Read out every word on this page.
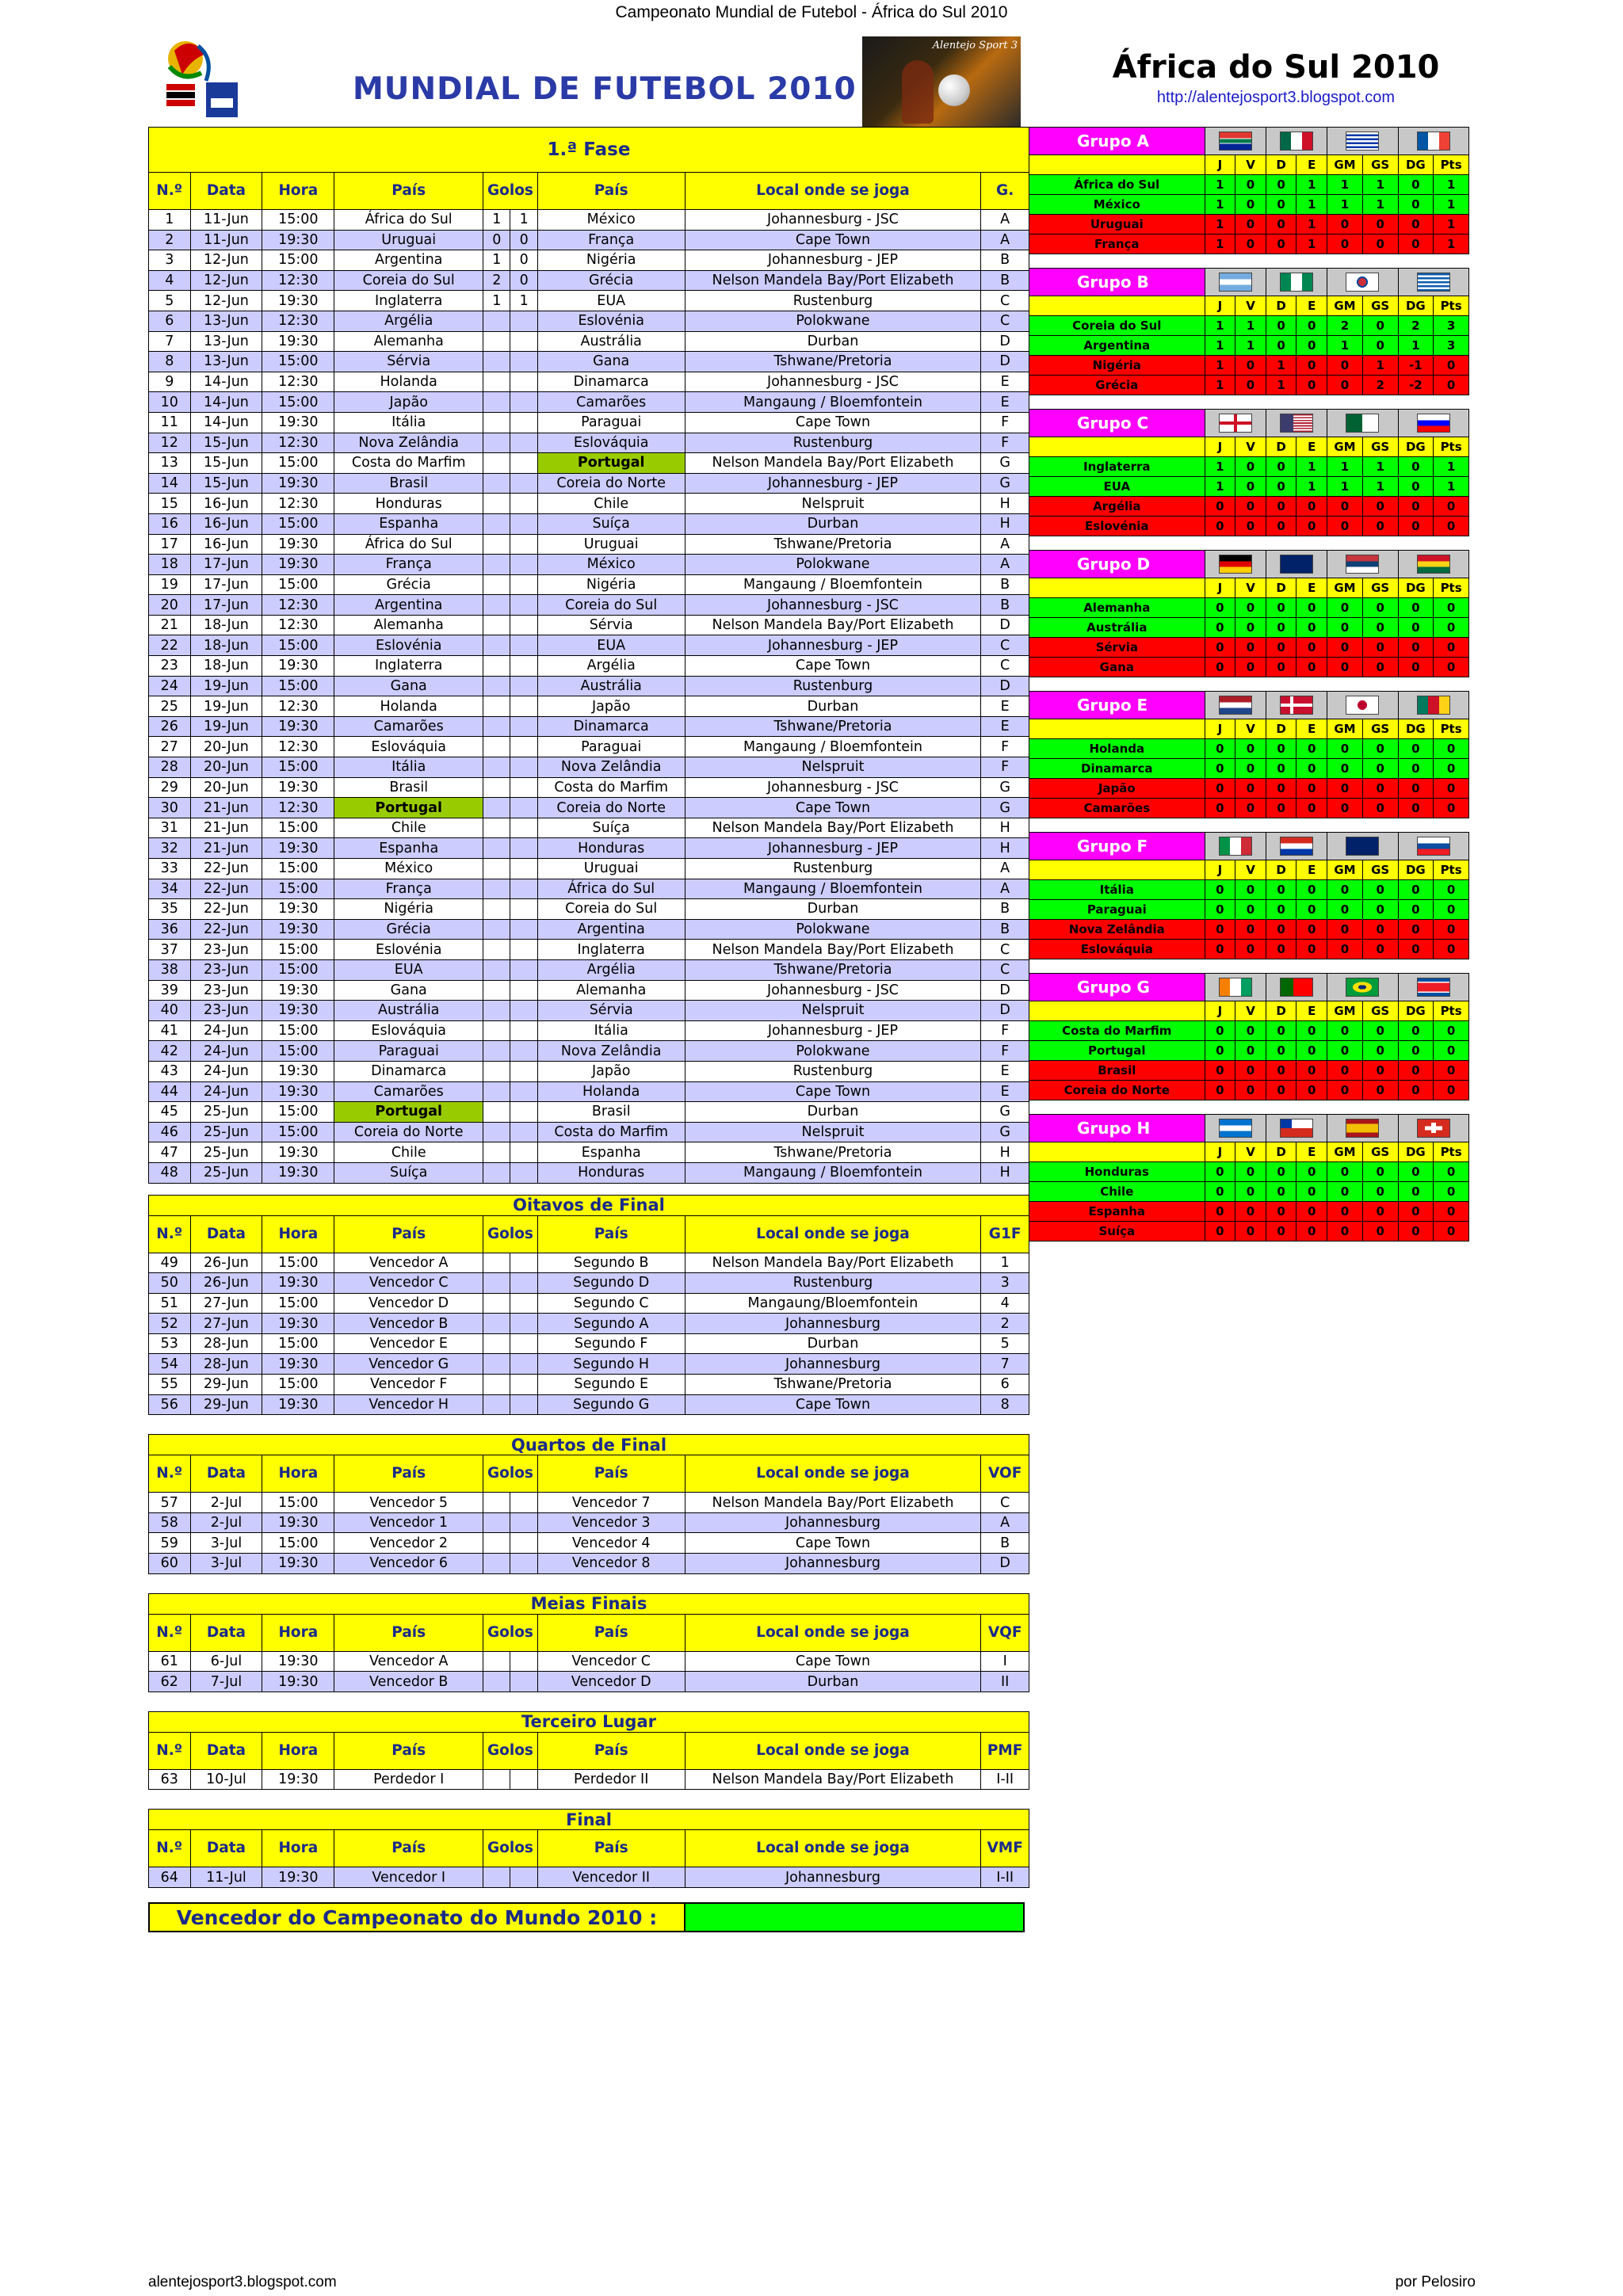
Campeonato Mundial de Futebol - África do Sul 2010
MUNDIAL DE FUTEBOL 2010
Alentejo Sport 3
África do Sul 2010
http://alentejosport3.blogspot.com
1.ª Fase								
N.º	Data	Hora	País	Golos		País	Local onde se joga	G.
1	11-Jun	15:00	África do Sul	1	1	México	Johannesburg - JSC	A
2	11-Jun	19:30	Uruguai	0	0	França	Cape Town	A
3	12-Jun	15:00	Argentina	1	0	Nigéria	Johannesburg - JEP	B
4	12-Jun	12:30	Coreia do Sul	2	0	Grécia	Nelson Mandela Bay/Port Elizabeth	B
5	12-Jun	19:30	Inglaterra	1	1	EUA	Rustenburg	C
6	13-Jun	12:30	Argélia			Eslovénia	Polokwane	C
7	13-Jun	19:30	Alemanha			Austrália	Durban	D
8	13-Jun	15:00	Sérvia			Gana	Tshwane/Pretoria	D
9	14-Jun	12:30	Holanda			Dinamarca	Johannesburg - JSC	E
10	14-Jun	15:00	Japão			Camarões	Mangaung / Bloemfontein	E
11	14-Jun	19:30	Itália			Paraguai	Cape Town	F
12	15-Jun	12:30	Nova Zelândia			Eslováquia	Rustenburg	F
13	15-Jun	15:00	Costa do Marfim			Portugal	Nelson Mandela Bay/Port Elizabeth	G
14	15-Jun	19:30	Brasil			Coreia do Norte	Johannesburg - JEP	G
15	16-Jun	12:30	Honduras			Chile	Nelspruit	H
16	16-Jun	15:00	Espanha			Suíça	Durban	H
17	16-Jun	19:30	África do Sul			Uruguai	Tshwane/Pretoria	A
18	17-Jun	19:30	França			México	Polokwane	A
19	17-Jun	15:00	Grécia			Nigéria	Mangaung / Bloemfontein	B
20	17-Jun	12:30	Argentina			Coreia do Sul	Johannesburg - JSC	B
21	18-Jun	12:30	Alemanha			Sérvia	Nelson Mandela Bay/Port Elizabeth	D
22	18-Jun	15:00	Eslovénia			EUA	Johannesburg - JEP	C
23	18-Jun	19:30	Inglaterra			Argélia	Cape Town	C
24	19-Jun	15:00	Gana			Austrália	Rustenburg	D
25	19-Jun	12:30	Holanda			Japão	Durban	E
26	19-Jun	19:30	Camarões			Dinamarca	Tshwane/Pretoria	E
27	20-Jun	12:30	Eslováquia			Paraguai	Mangaung / Bloemfontein	F
28	20-Jun	15:00	Itália			Nova Zelândia	Nelspruit	F
29	20-Jun	19:30	Brasil			Costa do Marfim	Johannesburg - JSC	G
30	21-Jun	12:30	Portugal			Coreia do Norte	Cape Town	G
31	21-Jun	15:00	Chile			Suíça	Nelson Mandela Bay/Port Elizabeth	H
32	21-Jun	19:30	Espanha			Honduras	Johannesburg - JEP	H
33	22-Jun	15:00	México			Uruguai	Rustenburg	A
34	22-Jun	15:00	França			África do Sul	Mangaung / Bloemfontein	A
35	22-Jun	19:30	Nigéria			Coreia do Sul	Durban	B
36	22-Jun	19:30	Grécia			Argentina	Polokwane	B
37	23-Jun	15:00	Eslovénia			Inglaterra	Nelson Mandela Bay/Port Elizabeth	C
38	23-Jun	15:00	EUA			Argélia	Tshwane/Pretoria	C
39	23-Jun	19:30	Gana			Alemanha	Johannesburg - JSC	D
40	23-Jun	19:30	Austrália			Sérvia	Nelspruit	D
41	24-Jun	15:00	Eslováquia			Itália	Johannesburg - JEP	F
42	24-Jun	15:00	Paraguai			Nova Zelândia	Polokwane	F
43	24-Jun	19:30	Dinamarca			Japão	Rustenburg	E
44	24-Jun	19:30	Camarões			Holanda	Cape Town	E
45	25-Jun	15:00	Portugal			Brasil	Durban	G
46	25-Jun	15:00	Coreia do Norte			Costa do Marfim	Nelspruit	G
47	25-Jun	19:30	Chile			Espanha	Tshwane/Pretoria	H
48	25-Jun	19:30	Suíça			Honduras	Mangaung / Bloemfontein	H

Oitavos de Final								
N.º	Data	Hora	País	Golos		País	Local onde se joga	G1F
49	26-Jun	15:00	Vencedor A			Segundo B	Nelson Mandela Bay/Port Elizabeth	1
50	26-Jun	19:30	Vencedor C			Segundo D	Rustenburg	3
51	27-Jun	15:00	Vencedor D			Segundo C	Mangaung/Bloemfontein	4
52	27-Jun	19:30	Vencedor B			Segundo A	Johannesburg	2
53	28-Jun	15:00	Vencedor E			Segundo F	Durban	5
54	28-Jun	19:30	Vencedor G			Segundo H	Johannesburg	7
55	29-Jun	15:00	Vencedor F			Segundo E	Tshwane/Pretoria	6
56	29-Jun	19:30	Vencedor H			Segundo G	Cape Town	8

Quartos de Final								
N.º	Data	Hora	País	Golos		País	Local onde se joga	VOF
57	2-Jul	15:00	Vencedor 5			Vencedor 7	Nelson Mandela Bay/Port Elizabeth	C
58	2-Jul	19:30	Vencedor 1			Vencedor 3	Johannesburg	A
59	3-Jul	15:00	Vencedor 2			Vencedor 4	Cape Town	B
60	3-Jul	19:30	Vencedor 6			Vencedor 8	Johannesburg	D

Meias Finais								
N.º	Data	Hora	País	Golos		País	Local onde se joga	VQF
61	6-Jul	19:30	Vencedor A			Vencedor C	Cape Town	I
62	7-Jul	19:30	Vencedor B			Vencedor D	Durban	II

Terceiro Lugar								
N.º	Data	Hora	País	Golos		País	Local onde se joga	PMF
63	10-Jul	19:30	Perdedor I			Perdedor II	Nelson Mandela Bay/Port Elizabeth	I-II

Final								
N.º	Data	Hora	País	Golos		País	Local onde se joga	VMF
64	11-Jul	19:30	Vencedor I			Vencedor II	Johannesburg	I-II
Vencedor do Campeonato do Mundo 2010 :	
Grupo A								
	J	V	D	E	GM	GS	DG	Pts
África do Sul	1	0	0	1	1	1	0	1
México	1	0	0	1	1	1	0	1
Uruguai	1	0	0	1	0	0	0	1
França	1	0	0	1	0	0	0	1
Grupo B								
	J	V	D	E	GM	GS	DG	Pts
Coreia do Sul	1	1	0	0	2	0	2	3
Argentina	1	1	0	0	1	0	1	3
Nigéria	1	0	1	0	0	1	-1	0
Grécia	1	0	1	0	0	2	-2	0
Grupo C								
	J	V	D	E	GM	GS	DG	Pts
Inglaterra	1	0	0	1	1	1	0	1
EUA	1	0	0	1	1	1	0	1
Argélia	0	0	0	0	0	0	0	0
Eslovénia	0	0	0	0	0	0	0	0
Grupo D								
	J	V	D	E	GM	GS	DG	Pts
Alemanha	0	0	0	0	0	0	0	0
Austrália	0	0	0	0	0	0	0	0
Sérvia	0	0	0	0	0	0	0	0
Gana	0	0	0	0	0	0	0	0
Grupo E								
	J	V	D	E	GM	GS	DG	Pts
Holanda	0	0	0	0	0	0	0	0
Dinamarca	0	0	0	0	0	0	0	0
Japão	0	0	0	0	0	0	0	0
Camarões	0	0	0	0	0	0	0	0
Grupo F								
	J	V	D	E	GM	GS	DG	Pts
Itália	0	0	0	0	0	0	0	0
Paraguai	0	0	0	0	0	0	0	0
Nova Zelândia	0	0	0	0	0	0	0	0
Eslováquia	0	0	0	0	0	0	0	0
Grupo G								
	J	V	D	E	GM	GS	DG	Pts
Costa do Marfim	0	0	0	0	0	0	0	0
Portugal	0	0	0	0	0	0	0	0
Brasil	0	0	0	0	0	0	0	0
Coreia do Norte	0	0	0	0	0	0	0	0
Grupo H								
	J	V	D	E	GM	GS	DG	Pts
Honduras	0	0	0	0	0	0	0	0
Chile	0	0	0	0	0	0	0	0
Espanha	0	0	0	0	0	0	0	0
Suíça	0	0	0	0	0	0	0	0
alentejosport3.blogspot.com	por Pelosiro
